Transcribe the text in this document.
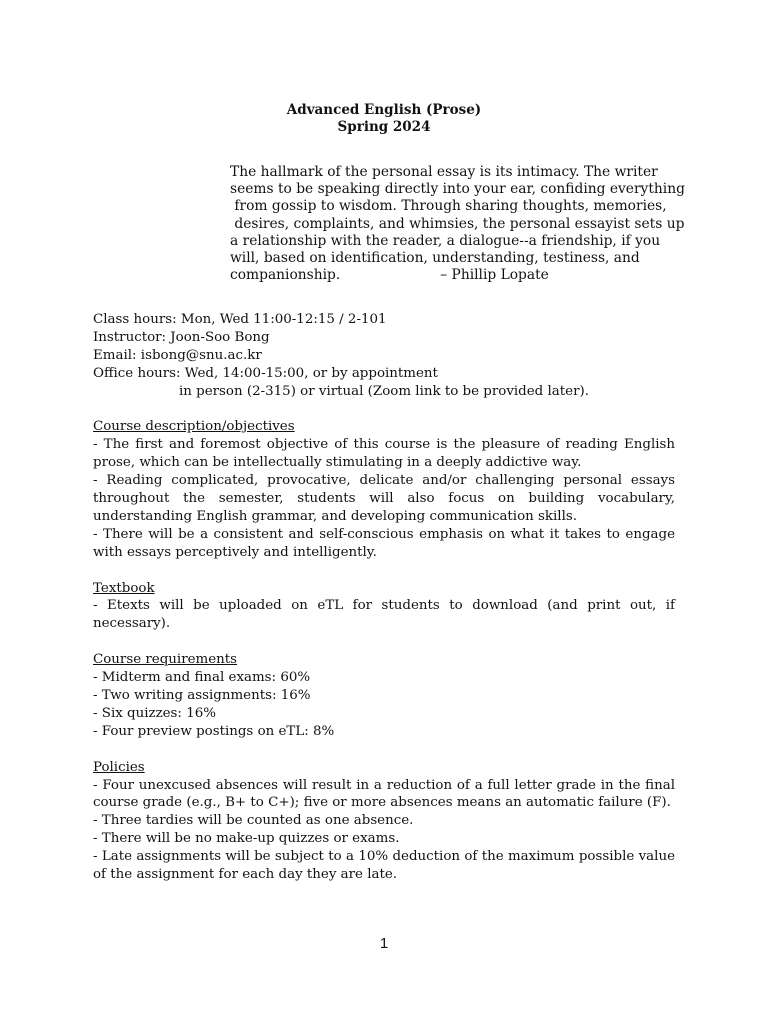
Advanced English (Prose)
Spring 2024
The hallmark of the personal essay is its intimacy. The writer
seems to be speaking directly into your ear, confiding everything
from gossip to wisdom. Through sharing thoughts, memories,
desires, complaints, and whimsies, the personal essayist sets up
a relationship with the reader, a dialogue--a friendship, if you
will, based on identification, understanding, testiness, and
companionship.	– Phillip Lopate
Class hours: Mon, Wed 11:00-12:15 / 2-101
Instructor: Joon-Soo Bong
Email: isbong@snu.ac.kr
Office hours: Wed, 14:00-15:00, or by appointment
in person (2-315) or virtual (Zoom link to be provided later).
Course description/objectives

- The first and foremost objective of this course is the pleasure of reading English prose, which can be intellectually stimulating in a deeply addictive way.

- Reading complicated, provocative, delicate and/or challenging personal essays throughout the semester, students will also focus on building vocabulary, understanding English grammar, and developing communication skills.

- There will be a consistent and self-conscious emphasis on what it takes to engage with essays perceptively and intelligently.

Textbook

- Etexts will be uploaded on eTL for students to download (and print out, if necessary).

Course requirements
- Midterm and final exams: 60%
- Two writing assignments: 16%
- Six quizzes: 16%
- Four preview postings on eTL: 8%
Policies

- Four unexcused absences will result in a reduction of a full letter grade in the final course grade (e.g., B+ to C+); five or more absences means an automatic failure (F).

- Three tardies will be counted as one absence.

- There will be no make-up quizzes or exams.

- Late assignments will be subject to a 10% deduction of the maximum possible value of the assignment for each day they are late.

1
